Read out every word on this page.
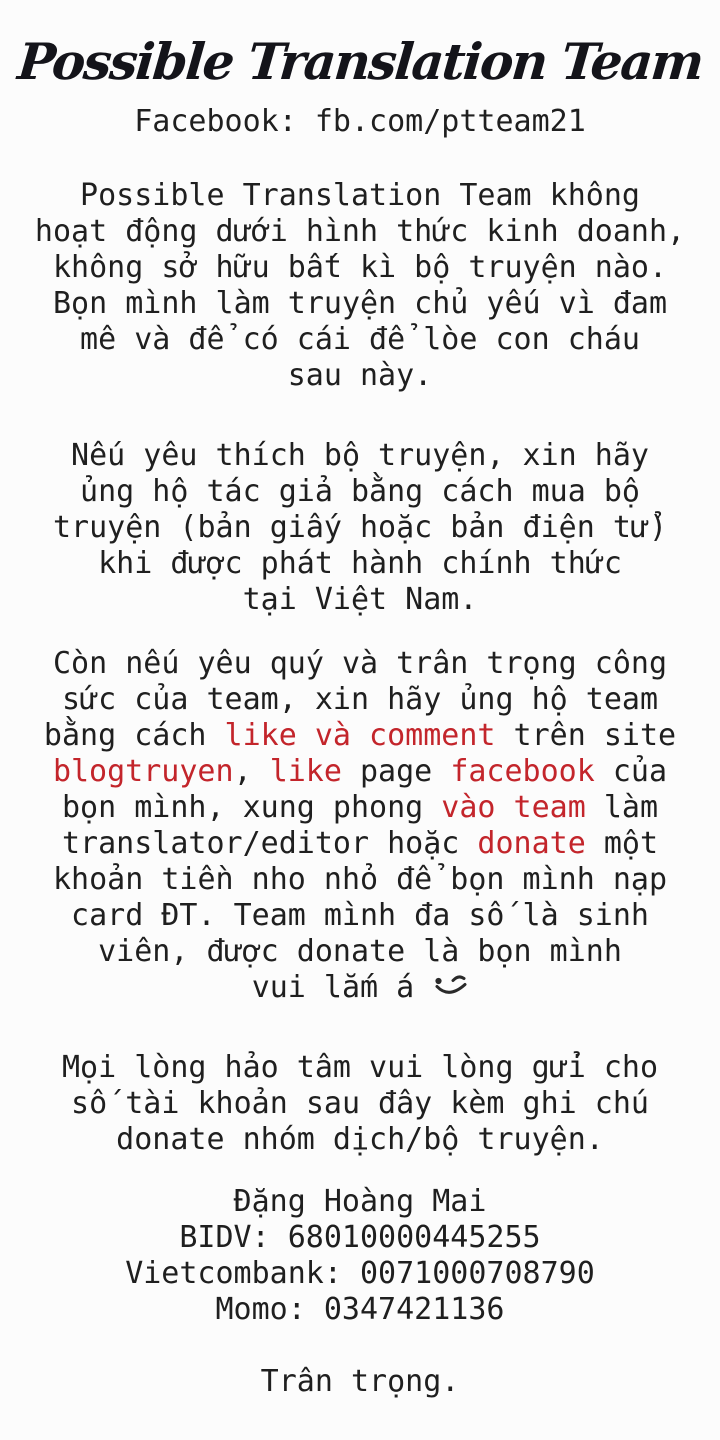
Possible Translation Team
Facebook: fb.com/ptteam21
Possible Translation Team không
hoạt động dưới hình thức kinh doanh,
không sở hữu bất kì bộ truyện nào.
Bọn mình làm truyện chủ yếu vì đam
mê và để có cái để lòe con cháu
sau này.
Nếu yêu thích bộ truyện, xin hãy
ủng hộ tác giả bằng cách mua bộ
truyện (bản giấy hoặc bản điện tử)
khi được phát hành chính thức
tại Việt Nam.
Còn nếu yêu quý và trân trọng công
sức của team, xin hãy ủng hộ team
bằng cách like và comment trên site
blogtruyen, like page facebook của
bọn mình, xung phong vào team làm
translator/editor hoặc donate một
khoản tiền nho nhỏ để bọn mình nạp
card ĐT. Team mình đa số là sinh
viên, được donate là bọn mình
vui lắm á
Mọi lòng hảo tâm vui lòng gửi cho
số tài khoản sau đây kèm ghi chú
donate nhóm dịch/bộ truyện.
Đặng Hoàng Mai
BIDV: 68010000445255
Vietcombank: 0071000708790
Momo: 0347421136
Trân trọng.
